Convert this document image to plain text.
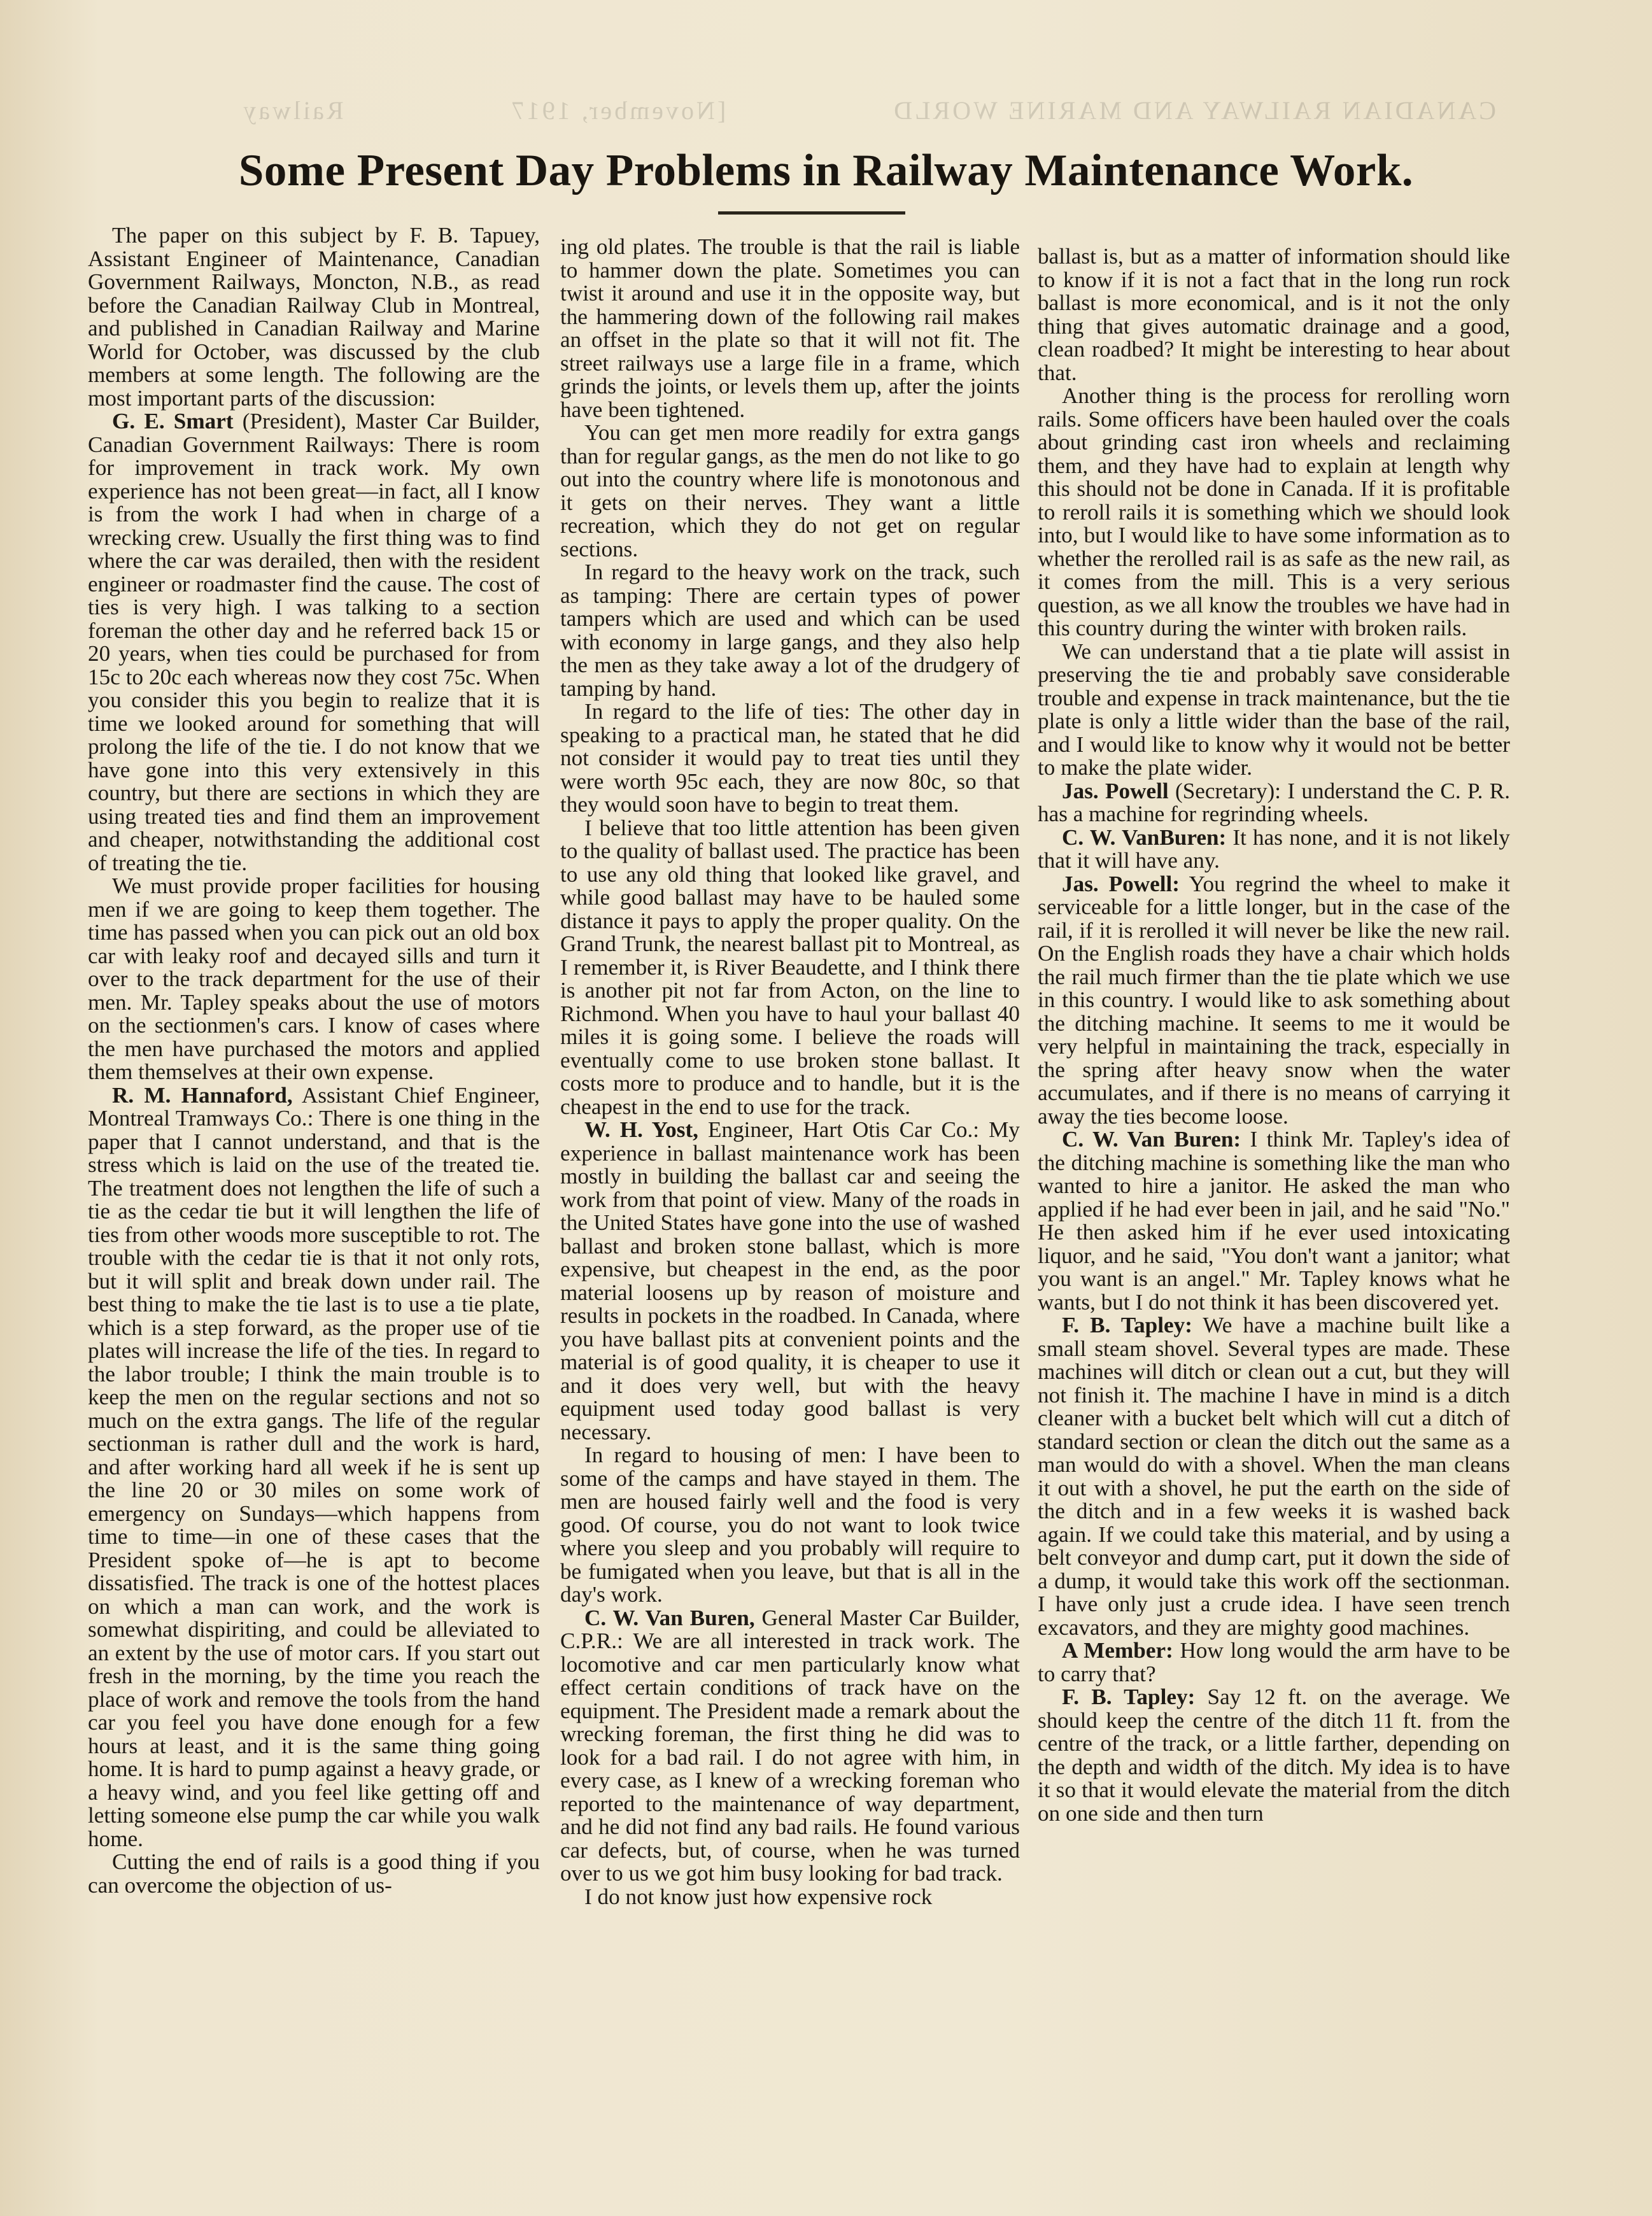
CANADIAN RAILWAY AND MARINE WORLD[November, 1917Railway
Some Present Day Problems in Railway Maintenance Work.

The paper on this subject by F. B. Tapuey, Assistant Engineer of Maintenance, Canadian Government Railways, Moncton, N.B., as read before the Canadian Railway Club in Montreal, and published in Canadian Railway and Marine World for October, was discussed by the club members at some length. The following are the most important parts of the discussion:

G. E. Smart (President), Master Car Builder, Canadian Government Railways: There is room for improvement in track work. My own experience has not been great—in fact, all I know is from the work I had when in charge of a wrecking crew. Usually the first thing was to find where the car was derailed, then with the resident engineer or roadmaster find the cause. The cost of ties is very high. I was talking to a section foreman the other day and he referred back 15 or 20 years, when ties could be purchased for from 15c to 20c each whereas now they cost 75c. When you consider this you begin to realize that it is time we looked around for something that will prolong the life of the tie. I do not know that we have gone into this very extensively in this country, but there are sections in which they are using treated ties and find them an improvement and cheaper, notwithstanding the additional cost of treating the tie.

We must provide proper facilities for housing men if we are going to keep them together. The time has passed when you can pick out an old box car with leaky roof and decayed sills and turn it over to the track department for the use of their men. Mr. Tapley speaks about the use of motors on the sectionmen's cars. I know of cases where the men have purchased the motors and applied them themselves at their own expense.

R. M. Hannaford, Assistant Chief Engineer, Montreal Tramways Co.: There is one thing in the paper that I cannot understand, and that is the stress which is laid on the use of the treated tie. The treatment does not lengthen the life of such a tie as the cedar tie but it will lengthen the life of ties from other woods more susceptible to rot. The trouble with the cedar tie is that it not only rots, but it will split and break down under rail. The best thing to make the tie last is to use a tie plate, which is a step forward, as the proper use of tie plates will increase the life of the ties. In regard to the labor trouble; I think the main trouble is to keep the men on the regular sections and not so much on the extra gangs. The life of the regular sectionman is rather dull and the work is hard, and after working hard all week if he is sent up the line 20 or 30 miles on some work of emergency on Sundays—which happens from time to time—in one of these cases that the President spoke of—he is apt to become dissatisfied. The track is one of the hottest places on which a man can work, and the work is somewhat dispiriting, and could be alleviated to an extent by the use of motor cars. If you start out fresh in the morning, by the time you reach the place of work and remove the tools from the hand car you feel you have done enough for a few hours at least, and it is the same thing going home. It is hard to pump against a heavy grade, or a heavy wind, and you feel like getting off and letting someone else pump the car while you walk home.

Cutting the end of rails is a good thing if you can overcome the objection of us-

ing old plates. The trouble is that the rail is liable to hammer down the plate. Sometimes you can twist it around and use it in the opposite way, but the hammering down of the following rail makes an offset in the plate so that it will not fit. The street railways use a large file in a frame, which grinds the joints, or levels them up, after the joints have been tightened.

You can get men more readily for extra gangs than for regular gangs, as the men do not like to go out into the country where life is monotonous and it gets on their nerves. They want a little recreation, which they do not get on regular sections.

In regard to the heavy work on the track, such as tamping: There are certain types of power tampers which are used and which can be used with economy in large gangs, and they also help the men as they take away a lot of the drudgery of tamping by hand.

In regard to the life of ties: The other day in speaking to a practical man, he stated that he did not consider it would pay to treat ties until they were worth 95c each, they are now 80c, so that they would soon have to begin to treat them.

I believe that too little attention has been given to the quality of ballast used. The practice has been to use any old thing that looked like gravel, and while good ballast may have to be hauled some distance it pays to apply the proper quality. On the Grand Trunk, the nearest ballast pit to Montreal, as I remember it, is River Beaudette, and I think there is another pit not far from Acton, on the line to Richmond. When you have to haul your ballast 40 miles it is going some. I believe the roads will eventually come to use broken stone ballast. It costs more to produce and to handle, but it is the cheapest in the end to use for the track.

W. H. Yost, Engineer, Hart Otis Car Co.: My experience in ballast maintenance work has been mostly in building the ballast car and seeing the work from that point of view. Many of the roads in the United States have gone into the use of washed ballast and broken stone ballast, which is more expensive, but cheapest in the end, as the poor material loosens up by reason of moisture and results in pockets in the roadbed. In Canada, where you have ballast pits at convenient points and the material is of good quality, it is cheaper to use it and it does very well, but with the heavy equipment used today good ballast is very necessary.

In regard to housing of men: I have been to some of the camps and have stayed in them. The men are housed fairly well and the food is very good. Of course, you do not want to look twice where you sleep and you probably will require to be fumigated when you leave, but that is all in the day's work.

C. W. Van Buren, General Master Car Builder, C.P.R.: We are all interested in track work. The locomotive and car men particularly know what effect certain conditions of track have on the equipment. The President made a remark about the wrecking foreman, the first thing he did was to look for a bad rail. I do not agree with him, in every case, as I knew of a wrecking foreman who reported to the maintenance of way department, and he did not find any bad rails. He found various car defects, but, of course, when he was turned over to us we got him busy looking for bad track.

I do not know just how expensive rock

ballast is, but as a matter of information should like to know if it is not a fact that in the long run rock ballast is more economical, and is it not the only thing that gives automatic drainage and a good, clean roadbed? It might be interesting to hear about that.

Another thing is the process for rerolling worn rails. Some officers have been hauled over the coals about grinding cast iron wheels and reclaiming them, and they have had to explain at length why this should not be done in Canada. If it is profitable to reroll rails it is something which we should look into, but I would like to have some information as to whether the rerolled rail is as safe as the new rail, as it comes from the mill. This is a very serious question, as we all know the troubles we have had in this country during the winter with broken rails.

We can understand that a tie plate will assist in preserving the tie and probably save considerable trouble and expense in track maintenance, but the tie plate is only a little wider than the base of the rail, and I would like to know why it would not be better to make the plate wider.

Jas. Powell (Secretary): I understand the C. P. R. has a machine for regrinding wheels.

C. W. VanBuren: It has none, and it is not likely that it will have any.

Jas. Powell: You regrind the wheel to make it serviceable for a little longer, but in the case of the rail, if it is rerolled it will never be like the new rail. On the English roads they have a chair which holds the rail much firmer than the tie plate which we use in this country. I would like to ask something about the ditching machine. It seems to me it would be very helpful in maintaining the track, especially in the spring after heavy snow when the water accumulates, and if there is no means of carrying it away the ties become loose.

C. W. Van Buren: I think Mr. Tapley's idea of the ditching machine is something like the man who wanted to hire a janitor. He asked the man who applied if he had ever been in jail, and he said "No." He then asked him if he ever used intoxicating liquor, and he said, "You don't want a janitor; what you want is an angel." Mr. Tapley knows what he wants, but I do not think it has been discovered yet.

F. B. Tapley: We have a machine built like a small steam shovel. Several types are made. These machines will ditch or clean out a cut, but they will not finish it. The machine I have in mind is a ditch cleaner with a bucket belt which will cut a ditch of standard section or clean the ditch out the same as a man would do with a shovel. When the man cleans it out with a shovel, he put the earth on the side of the ditch and in a few weeks it is washed back again. If we could take this material, and by using a belt conveyor and dump cart, put it down the side of a dump, it would take this work off the sectionman. I have only just a crude idea. I have seen trench excavators, and they are mighty good machines.

A Member: How long would the arm have to be to carry that?

F. B. Tapley: Say 12 ft. on the average. We should keep the centre of the ditch 11 ft. from the centre of the track, or a little farther, depending on the depth and width of the ditch. My idea is to have it so that it would elevate the material from the ditch on one side and then turn
